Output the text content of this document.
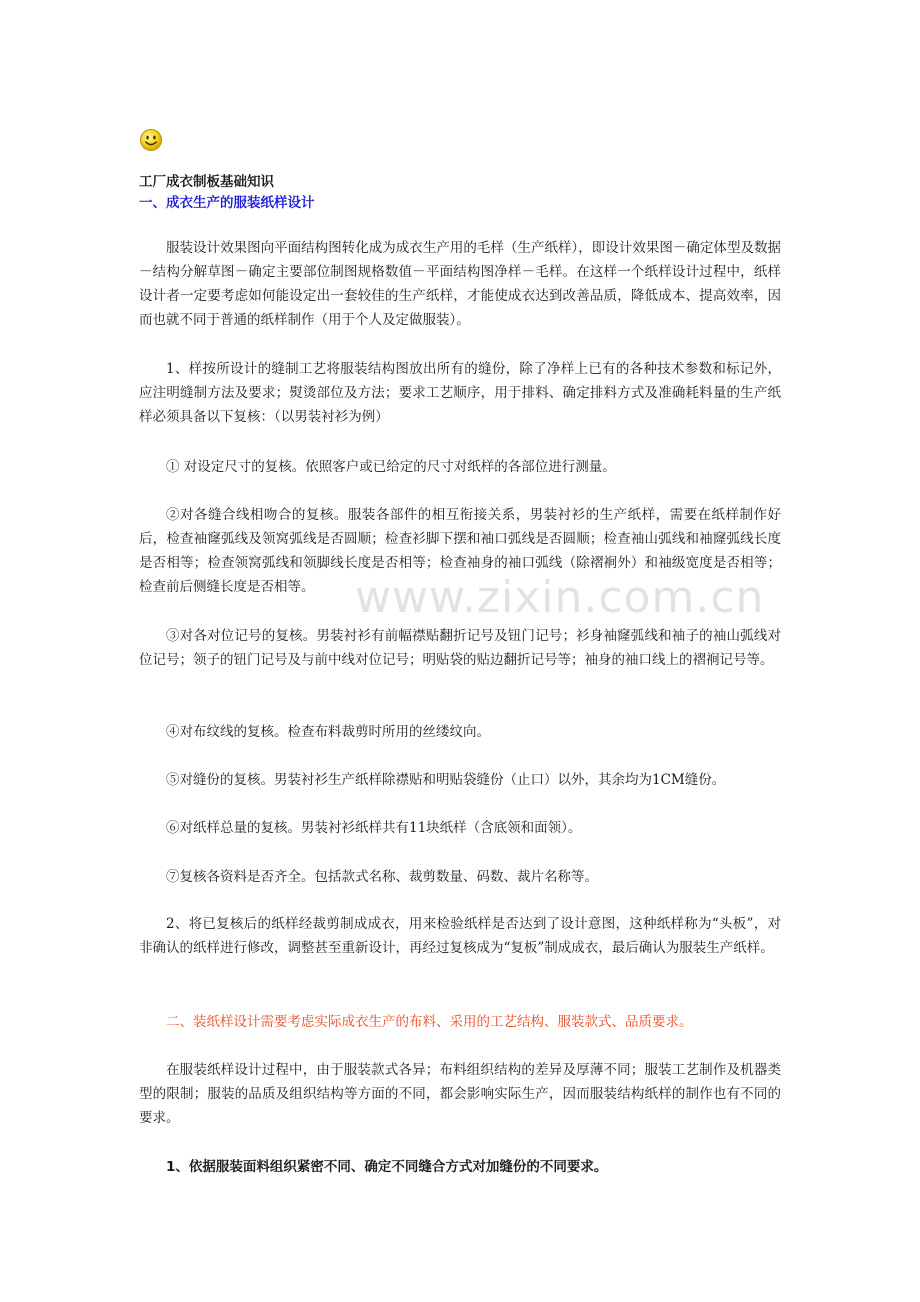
www.zixin.com.cn
工厂成衣制板基础知识
一、成衣生产的服装纸样设计

服装设计效果图向平面结构图转化成为成衣生产用的毛样（生产纸样），即设计效果图－确定体型及数据－结构分解草图－确定主要部位制图规格数值－平面结构图净样－毛样。在这样一个纸样设计过程中，纸样设计者一定要考虑如何能设定出一套较佳的生产纸样，才能使成衣达到改善品质，降低成本、提高效率，因而也就不同于普通的纸样制作（用于个人及定做服装）。

1、样按所设计的缝制工艺将服装结构图放出所有的缝份，除了净样上已有的各种技术参数和标记外，应注明缝制方法及要求；熨烫部位及方法；要求工艺顺序，用于排料、确定排料方式及准确耗料量的生产纸样必须具备以下复核：（以男装衬衫为例）

① 对设定尺寸的复核。依照客户或已给定的尺寸对纸样的各部位进行测量。

②对各缝合线相吻合的复核。服装各部件的相互衔接关系，男装衬衫的生产纸样，需要在纸样制作好后，检查袖窿弧线及领窝弧线是否圆顺；检查衫脚下摆和袖口弧线是否圆顺；检查袖山弧线和袖窿弧线长度是否相等；检查领窝弧线和领脚线长度是否相等；检查袖身的袖口弧线（除褶裥外）和袖级宽度是否相等；检查前后侧缝长度是否相等。

③对各对位记号的复核。男装衬衫有前幅襟贴翻折记号及钮门记号；衫身袖窿弧线和袖子的袖山弧线对位记号；领子的钮门记号及与前中线对位记号；明贴袋的贴边翻折记号等；袖身的袖口线上的褶裥记号等。

④对布纹线的复核。检查布料裁剪时所用的丝缕纹向。

⑤对缝份的复核。男装衬衫生产纸样除襟贴和明贴袋缝份（止口）以外，其余均为1CM缝份。

⑥对纸样总量的复核。男装衬衫纸样共有11块纸样（含底领和面领）。

⑦复核各资料是否齐全。包括款式名称、裁剪数量、码数、裁片名称等。

2、将已复核后的纸样经裁剪制成成衣，用来检验纸样是否达到了设计意图，这种纸样称为“头板”，对非确认的纸样进行修改，调整甚至重新设计，再经过复核成为“复板”制成成衣，最后确认为服装生产纸样。

二、装纸样设计需要考虑实际成衣生产的布料、采用的工艺结构、服装款式、品质要求。

在服装纸样设计过程中，由于服装款式各异；布料组织结构的差异及厚薄不同；服装工艺制作及机器类型的限制；服装的品质及组织结构等方面的不同，都会影响实际生产，因而服装结构纸样的制作也有不同的要求。

1、依据服装面料组织紧密不同、确定不同缝合方式对加缝份的不同要求。
